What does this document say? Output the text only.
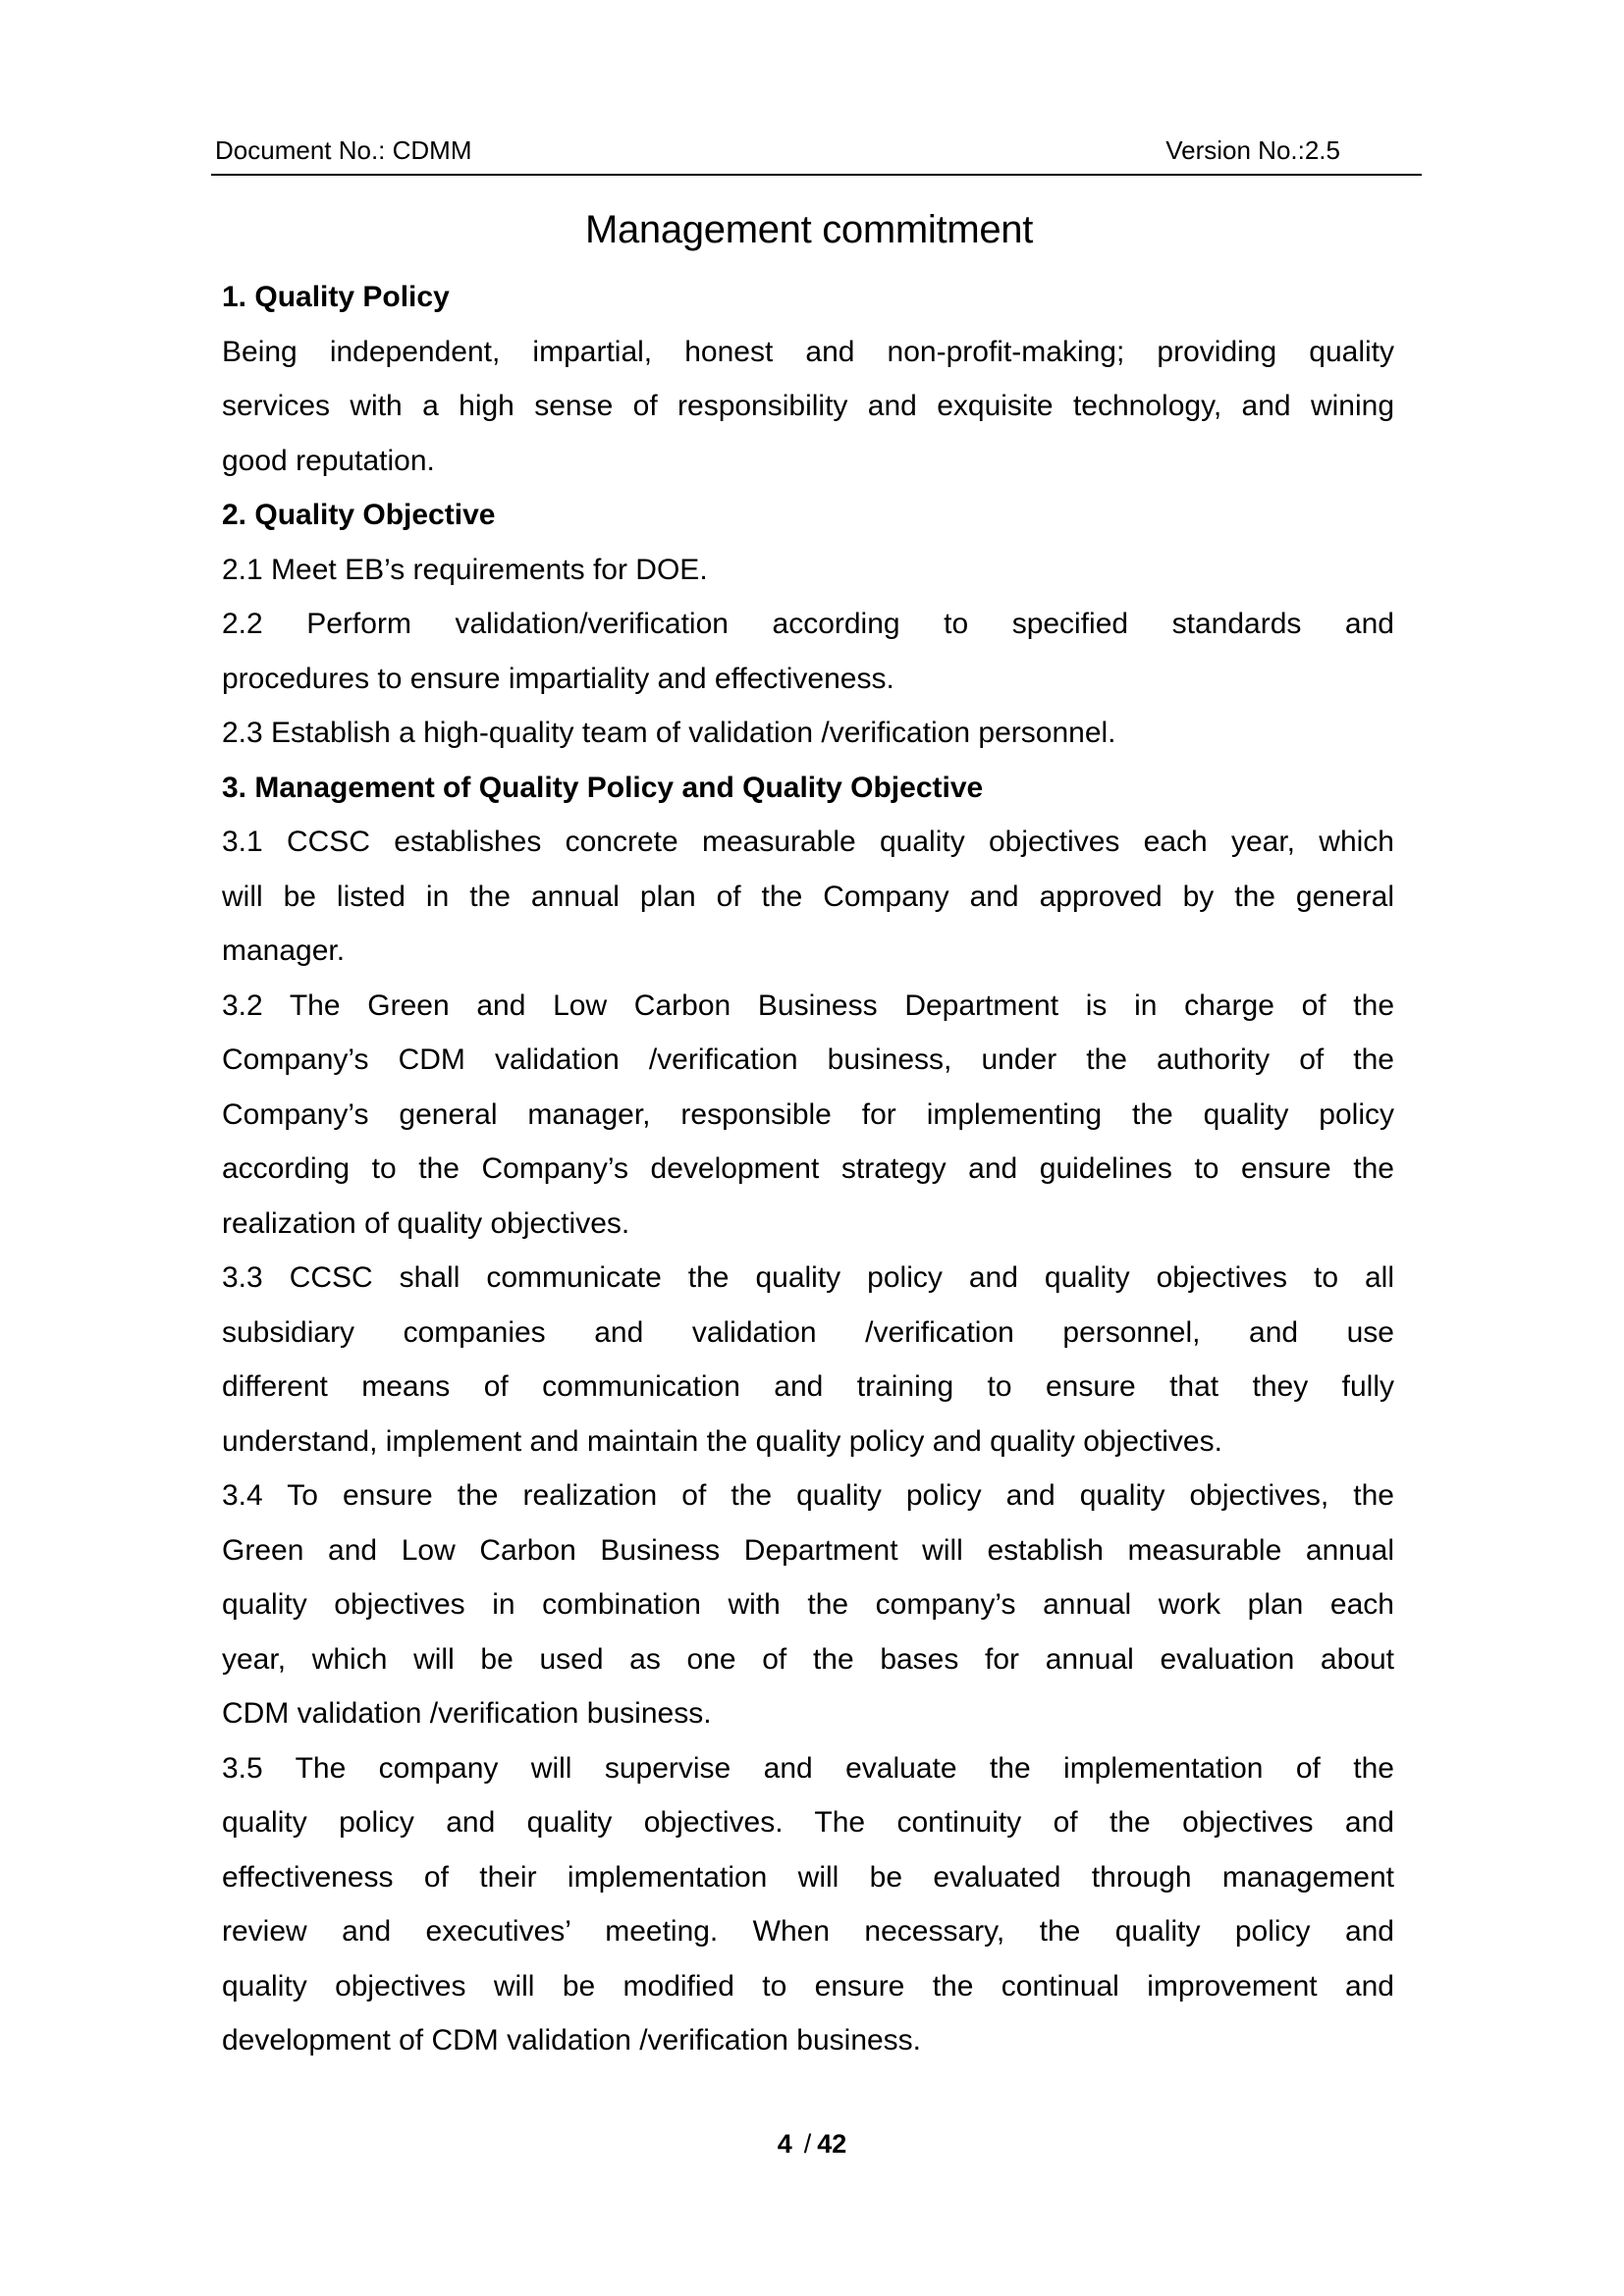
Document No.: CDMM	Version No.:2.5
Management commitment
1. Quality Policy
Being independent, impartial, honest and non-profit-making; providing quality
services with a high sense of responsibility and exquisite technology, and wining
good reputation.
2. Quality Objective
2.1 Meet EB’s requirements for DOE.
2.2 Perform validation/verification according to specified standards and
procedures to ensure impartiality and effectiveness.
2.3 Establish a high-quality team of validation /verification personnel.
3. Management of Quality Policy and Quality Objective
3.1 CCSC establishes concrete measurable quality objectives each year, which
will be listed in the annual plan of the Company and approved by the general
manager.
3.2 The Green and Low Carbon Business Department is in charge of the
Company’s CDM validation /verification business, under the authority of the
Company’s general manager, responsible for implementing the quality policy
according to the Company’s development strategy and guidelines to ensure the
realization of quality objectives.
3.3 CCSC shall communicate the quality policy and quality objectives to all
subsidiary companies and validation /verification personnel, and use
different means of communication and training to ensure that they fully
understand, implement and maintain the quality policy and quality objectives.
3.4 To ensure the realization of the quality policy and quality objectives, the
Green and Low Carbon Business Department will establish measurable annual
quality objectives in combination with the company’s annual work plan each
year, which will be used as one of the bases for annual evaluation about
CDM validation /verification business.
3.5 The company will supervise and evaluate the implementation of the
quality policy and quality objectives. The continuity of the objectives and
effectiveness of their implementation will be evaluated through management
review and executives’ meeting. When necessary, the quality policy and
quality objectives will be modified to ensure the continual improvement and
development of CDM validation /verification business.
4 / 42
